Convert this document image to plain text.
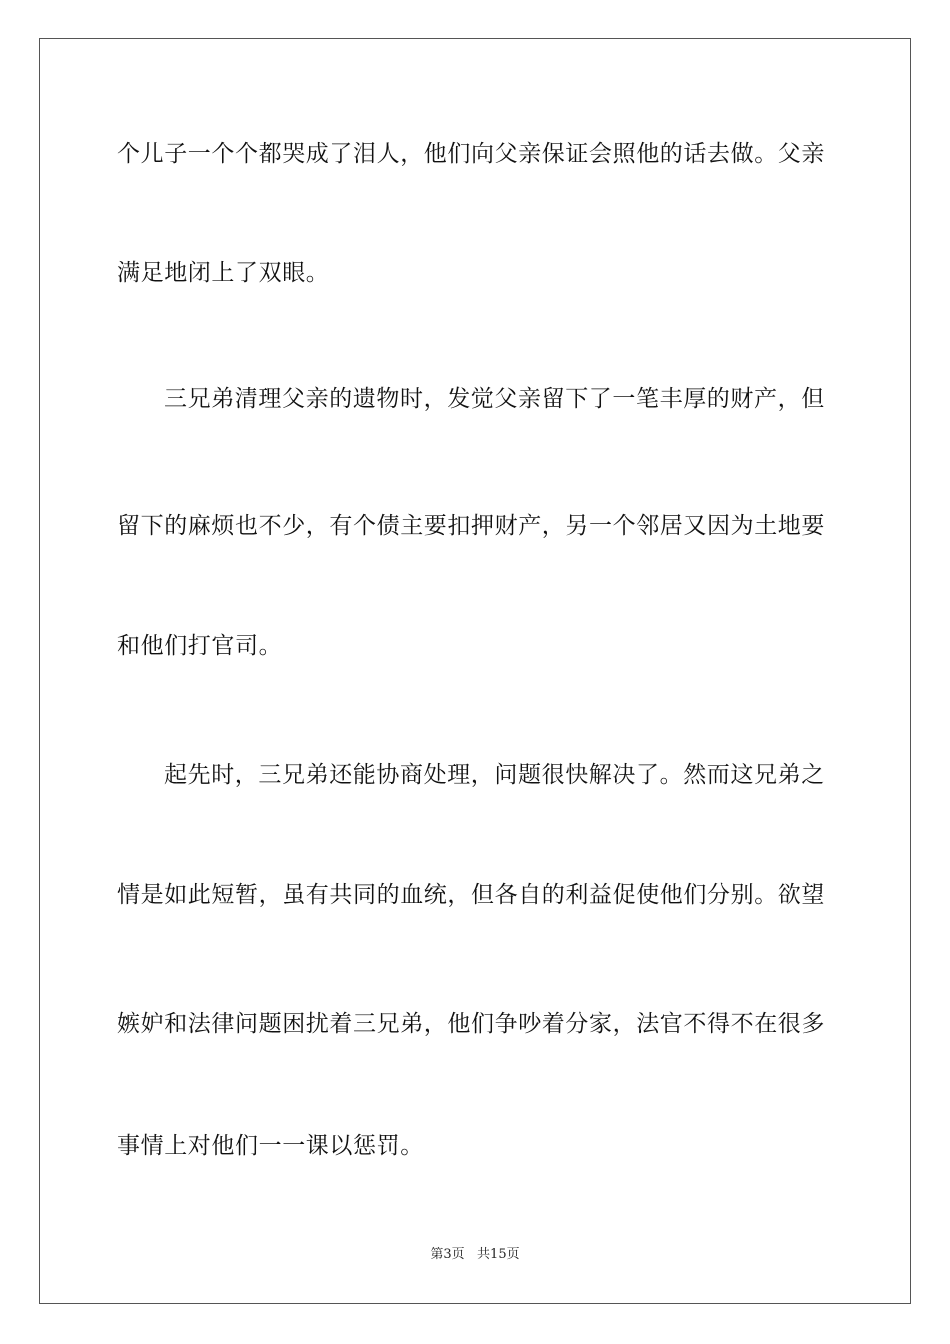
个儿子一个个都哭成了泪人，他们向父亲保证会照他的话去做。父亲
满足地闭上了双眼。
三兄弟清理父亲的遗物时，发觉父亲留下了一笔丰厚的财产，但
留下的麻烦也不少，有个债主要扣押财产，另一个邻居又因为土地要
和他们打官司。
起先时，三兄弟还能协商处理，问题很快解决了。然而这兄弟之
情是如此短暂，虽有共同的血统，但各自的利益促使他们分别。欲望
嫉妒和法律问题困扰着三兄弟，他们争吵着分家，法官不得不在很多
事情上对他们一一课以惩罚。
第3页   共15页
